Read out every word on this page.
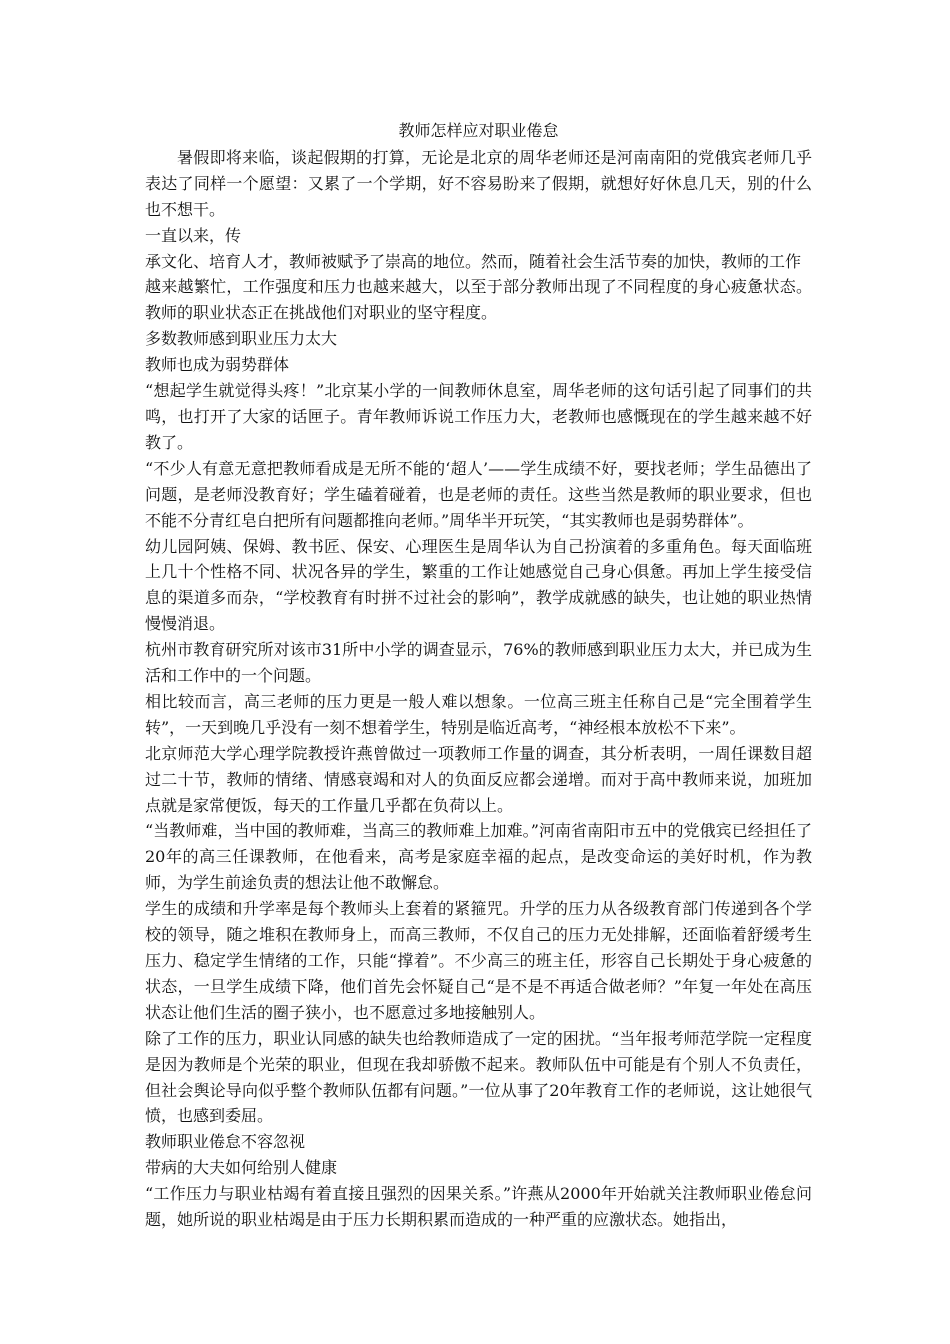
教师怎样应对职业倦怠

暑假即将来临，谈起假期的打算，无论是北京的周华老师还是河南南阳的党俄宾老师几乎表达了同样一个愿望：又累了一个学期，好不容易盼来了假期，就想好好休息几天，别的什么也不想干。

一直以来，传

承文化、培育人才，教师被赋予了崇高的地位。然而，随着社会生活节奏的加快，教师的工作

越来越繁忙，工作强度和压力也越来越大，以至于部分教师出现了不同程度的身心疲惫状态。教师的职业状态正在挑战他们对职业的坚守程度。

多数教师感到职业压力太大

教师也成为弱势群体

“想起学生就觉得头疼！”北京某小学的一间教师休息室，周华老师的这句话引起了同事们的共鸣，也打开了大家的话匣子。青年教师诉说工作压力大，老教师也感慨现在的学生越来越不好教了。

“不少人有意无意把教师看成是无所不能的‘超人’——学生成绩不好，要找老师；学生品德出了问题，是老师没教育好；学生磕着碰着，也是老师的责任。这些当然是教师的职业要求，但也不能不分青红皂白把所有问题都推向老师。”周华半开玩笑，“其实教师也是弱势群体”。

幼儿园阿姨、保姆、教书匠、保安、心理医生是周华认为自己扮演着的多重角色。每天面临班上几十个性格不同、状况各异的学生，繁重的工作让她感觉自己身心俱惫。再加上学生接受信息的渠道多而杂，“学校教育有时拼不过社会的影响”，教学成就感的缺失，也让她的职业热情慢慢消退。

杭州市教育研究所对该市31所中小学的调查显示，76%的教师感到职业压力太大，并已成为生活和工作中的一个问题。

相比较而言，高三老师的压力更是一般人难以想象。一位高三班主任称自己是“完全围着学生转”，一天到晚几乎没有一刻不想着学生，特别是临近高考，“神经根本放松不下来”。

北京师范大学心理学院教授许燕曾做过一项教师工作量的调查，其分析表明，一周任课数目超过二十节，教师的情绪、情感衰竭和对人的负面反应都会递增。而对于高中教师来说，加班加点就是家常便饭，每天的工作量几乎都在负荷以上。

“当教师难，当中国的教师难，当高三的教师难上加难。”河南省南阳市五中的党俄宾已经担任了20年的高三任课教师，在他看来，高考是家庭幸福的起点，是改变命运的美好时机，作为教师，为学生前途负责的想法让他不敢懈怠。

学生的成绩和升学率是每个教师头上套着的紧箍咒。升学的压力从各级教育部门传递到各个学校的领导，随之堆积在教师身上，而高三教师，不仅自己的压力无处排解，还面临着舒缓考生压力、稳定学生情绪的工作，只能“撑着”。不少高三的班主任，形容自己长期处于身心疲惫的状态，一旦学生成绩下降，他们首先会怀疑自己“是不是不再适合做老师？”年复一年处在高压状态让他们生活的圈子狭小，也不愿意过多地接触别人。

除了工作的压力，职业认同感的缺失也给教师造成了一定的困扰。“当年报考师范学院一定程度是因为教师是个光荣的职业，但现在我却骄傲不起来。教师队伍中可能是有个别人不负责任，但社会舆论导向似乎整个教师队伍都有问题。”一位从事了20年教育工作的老师说，这让她很气愤，也感到委屈。

教师职业倦怠不容忽视

带病的大夫如何给别人健康

“工作压力与职业枯竭有着直接且强烈的因果关系。”许燕从2000年开始就关注教师职业倦怠问题，她所说的职业枯竭是由于压力长期积累而造成的一种严重的应激状态。她指出，
